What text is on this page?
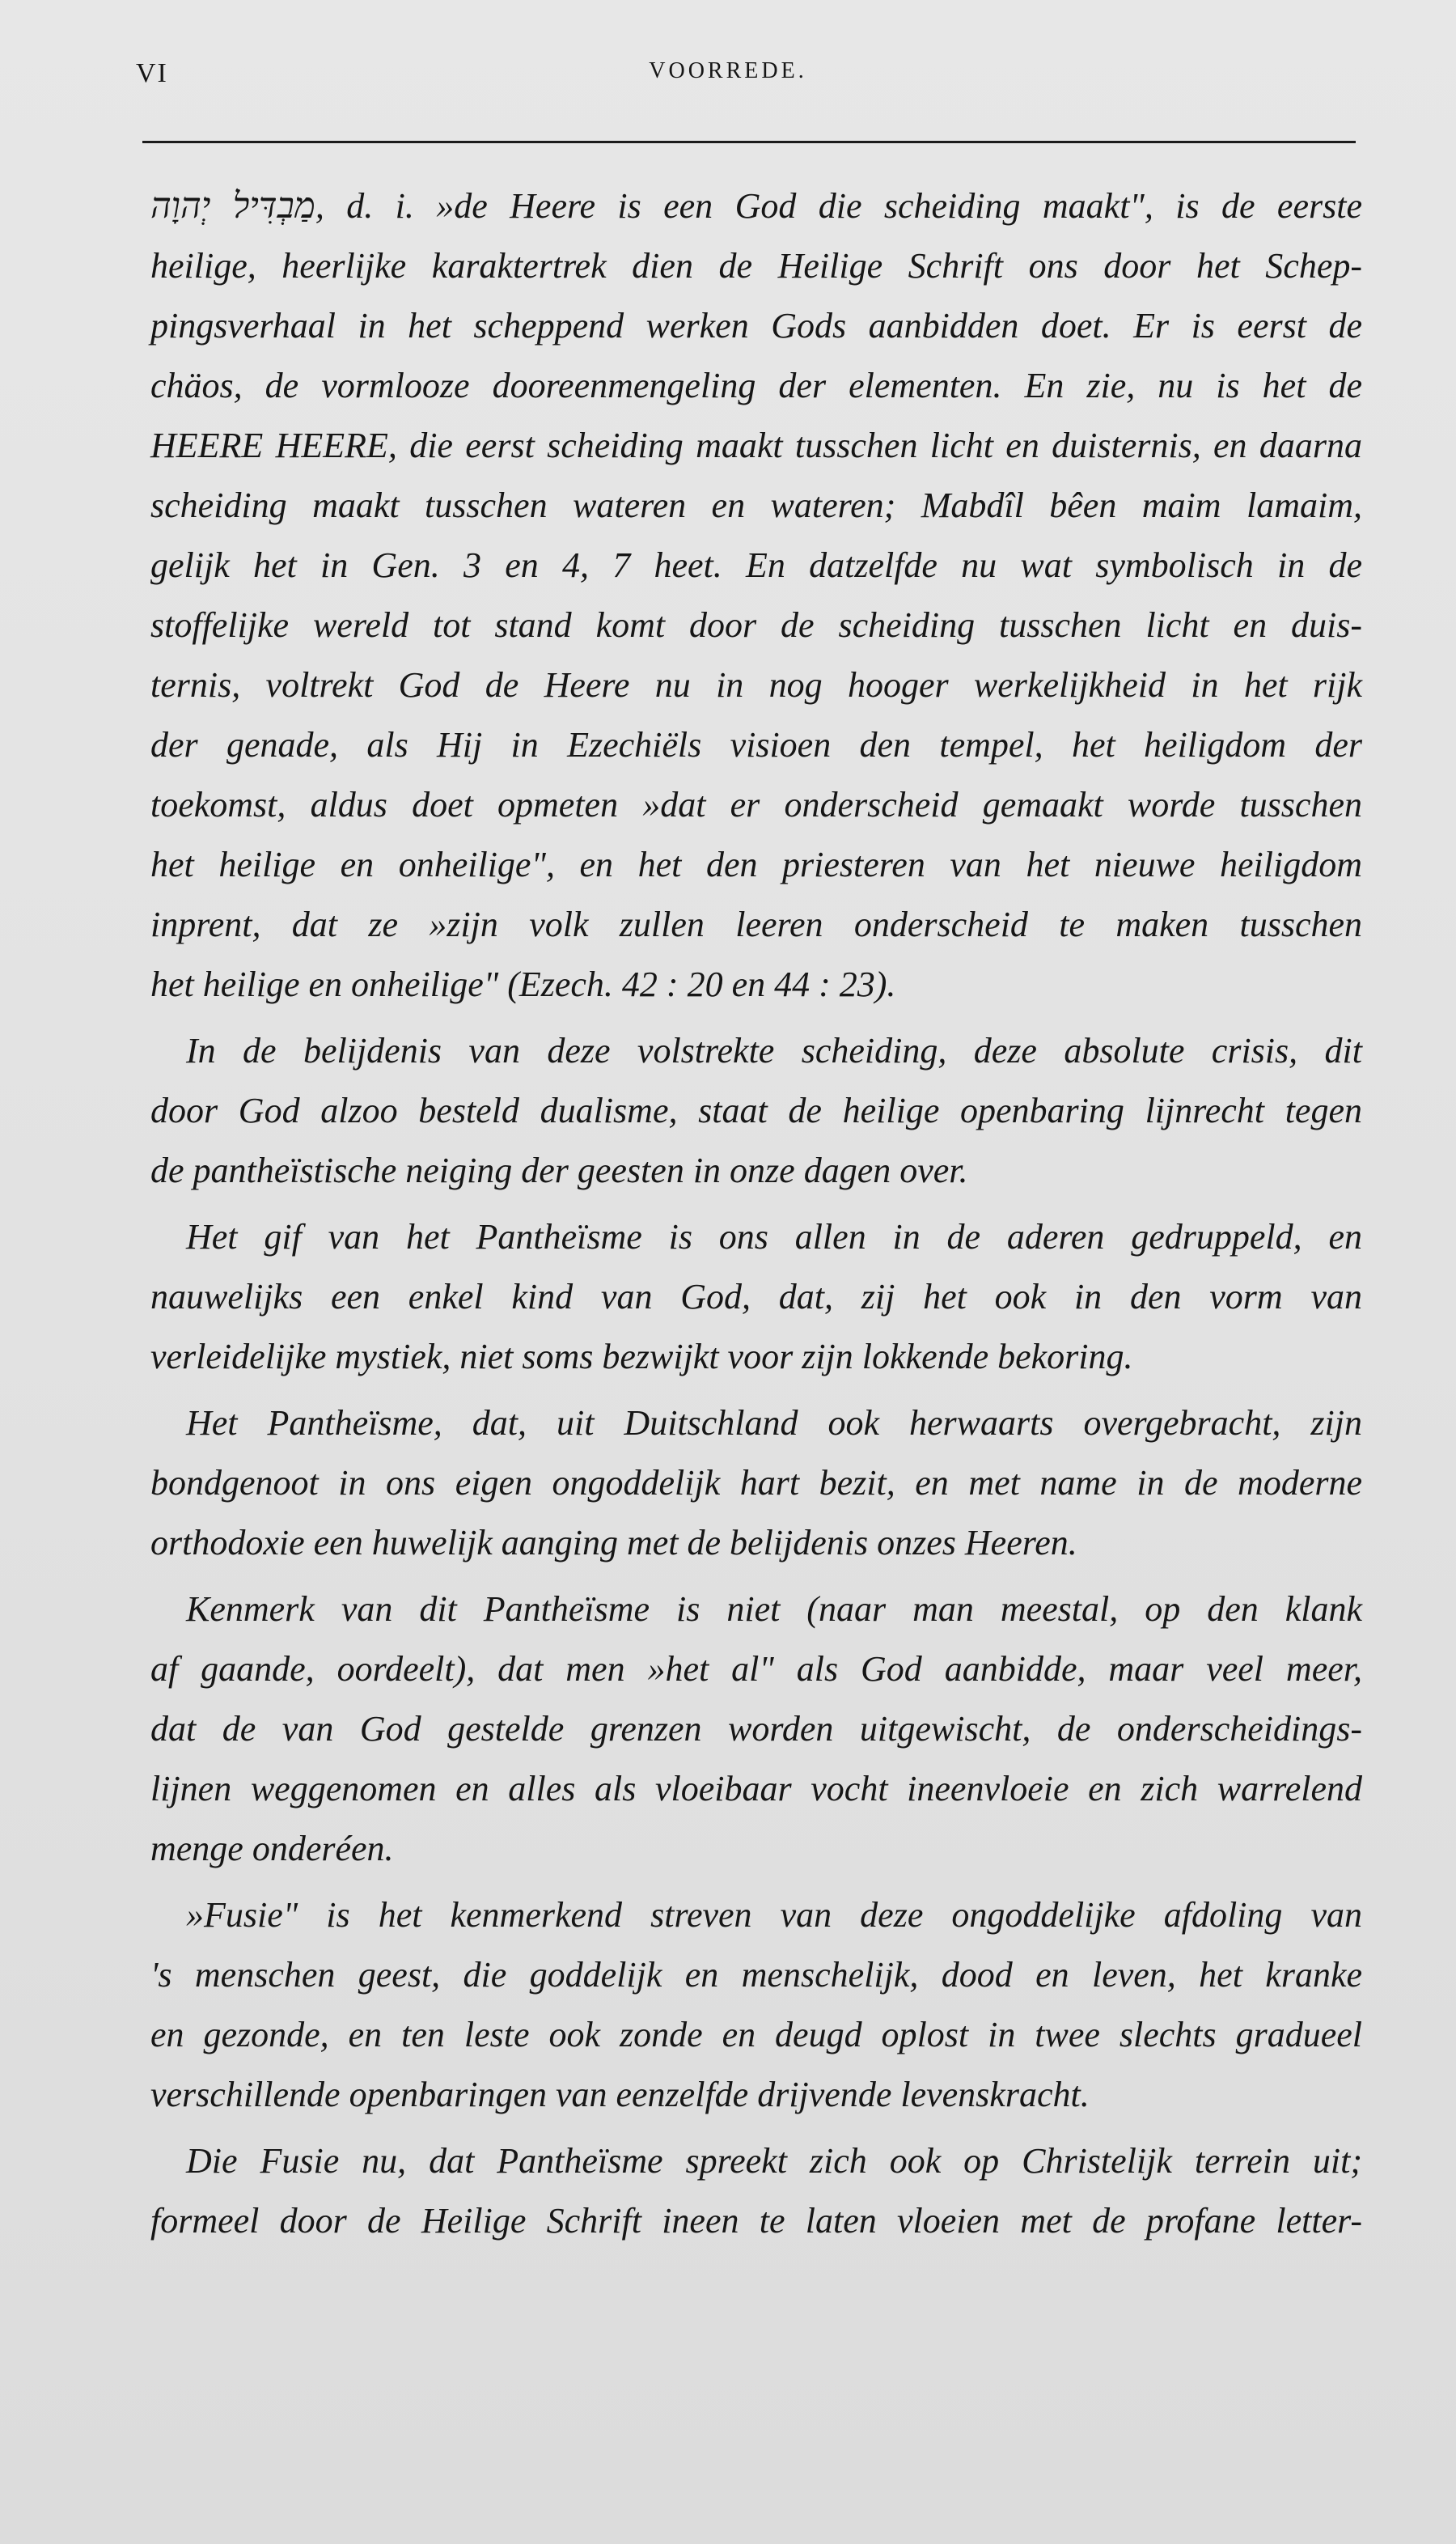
VI	VOORREDE.
מַבְדִּיל יְהוָה, d. i. »de Heere is een God die scheiding maakt", is de eerste
heilige, heerlijke karaktertrek dien de Heilige Schrift ons door het Schep-
pingsverhaal in het scheppend werken Gods aanbidden doet. Er is eerst de
chäos, de vormlooze dooreenmengeling der elementen. En zie, nu is het de
HEERE HEERE, die eerst scheiding maakt tusschen licht en duisternis, en daarna
scheiding maakt tusschen wateren en wateren; Mabdîl bêen maim lamaim,
gelijk het in Gen. 3 en 4, 7 heet. En datzelfde nu wat symbolisch in de
stoffelijke wereld tot stand komt door de scheiding tusschen licht en duis-
ternis, voltrekt God de Heere nu in nog hooger werkelijkheid in het rijk
der genade, als Hij in Ezechiëls visioen den tempel, het heiligdom der
toekomst, aldus doet opmeten »dat er onderscheid gemaakt worde tusschen
het heilige en onheilige", en het den priesteren van het nieuwe heiligdom
inprent, dat ze »zijn volk zullen leeren onderscheid te maken tusschen
het heilige en onheilige" (Ezech. 42 : 20 en 44 : 23).
In de belijdenis van deze volstrekte scheiding, deze absolute crisis, dit
door God alzoo besteld dualisme, staat de heilige openbaring lijnrecht tegen
de pantheïstische neiging der geesten in onze dagen over.
Het gif van het Pantheïsme is ons allen in de aderen gedruppeld, en
nauwelijks een enkel kind van God, dat, zij het ook in den vorm van
verleidelijke mystiek, niet soms bezwijkt voor zijn lokkende bekoring.
Het Pantheïsme, dat, uit Duitschland ook herwaarts overgebracht, zijn
bondgenoot in ons eigen ongoddelijk hart bezit, en met name in de moderne
orthodoxie een huwelijk aanging met de belijdenis onzes Heeren.
Kenmerk van dit Pantheïsme is niet (naar man meestal, op den klank
af gaande, oordeelt), dat men »het al" als God aanbidde, maar veel meer,
dat de van God gestelde grenzen worden uitgewischt, de onderscheidings-
lijnen weggenomen en alles als vloeibaar vocht ineenvloeie en zich warrelend
menge onderéen.
»Fusie" is het kenmerkend streven van deze ongoddelijke afdoling van
's menschen geest, die goddelijk en menschelijk, dood en leven, het kranke
en gezonde, en ten leste ook zonde en deugd oplost in twee slechts gradueel
verschillende openbaringen van eenzelfde drijvende levenskracht.
Die Fusie nu, dat Pantheïsme spreekt zich ook op Christelijk terrein uit;
formeel door de Heilige Schrift ineen te laten vloeien met de profane letter-
